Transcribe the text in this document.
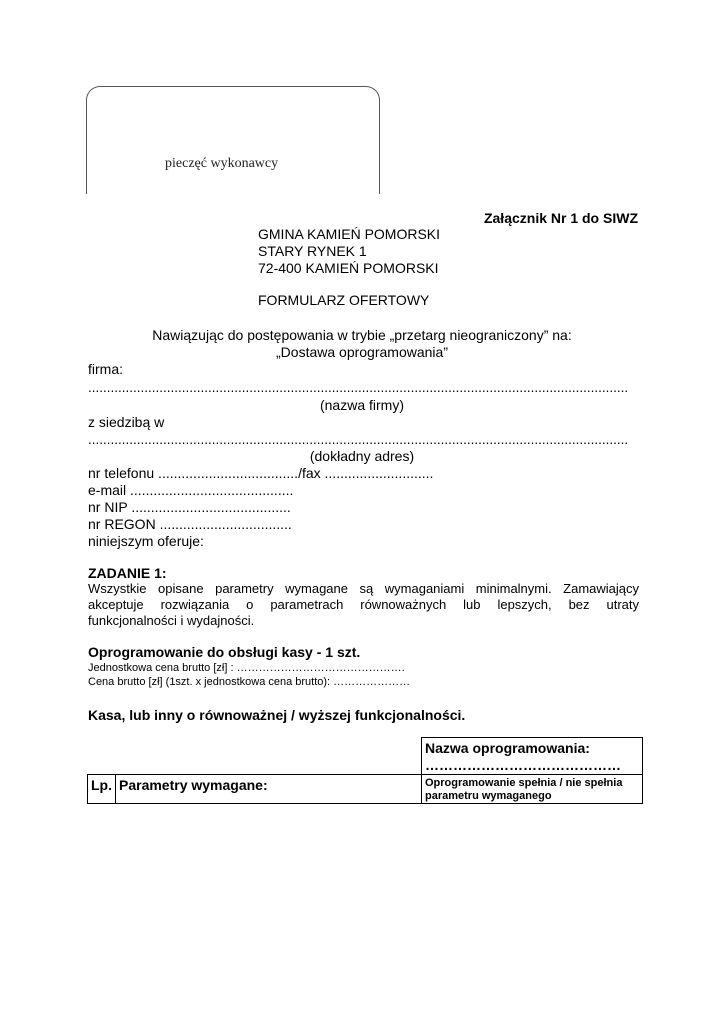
pieczęć wykonawcy
Załącznik Nr 1 do SIWZ
GMINA KAMIEŃ POMORSKI
STARY RYNEK 1
72-400 KAMIEŃ POMORSKI
FORMULARZ OFERTOWY
Nawiązując do postępowania w trybie „przetarg nieograniczony” na:
„Dostawa oprogramowania”
firma:
................................................................................................................................................
(nazwa firmy)
z siedzibą w
................................................................................................................................................
(dokładny adres)
nr telefonu ..................................../fax ............................
e-mail ..........................................
nr NIP .........................................
nr REGON ..................................
niniejszym oferuje:
ZADANIE 1:
Wszystkie opisane parametry wymagane są wymaganiami minimalnymi. Zamawiający
akceptuje rozwiązania o parametrach równoważnych lub lepszych, bez utraty
funkcjonalności i wydajności.
Oprogramowanie do obsługi kasy - 1 szt.
Jednostkowa cena brutto [zł] : ……………………………………….
Cena brutto [zł] (1szt. x jednostkowa cena brutto): …………………
Kasa, lub inny o równoważnej / wyższej funkcjonalności.

		Nazwa oprogramowania:
……………………………………

Lp.	Parametry wymagane:	Oprogramowanie spełnia / nie spełnia parametru wymaganego
